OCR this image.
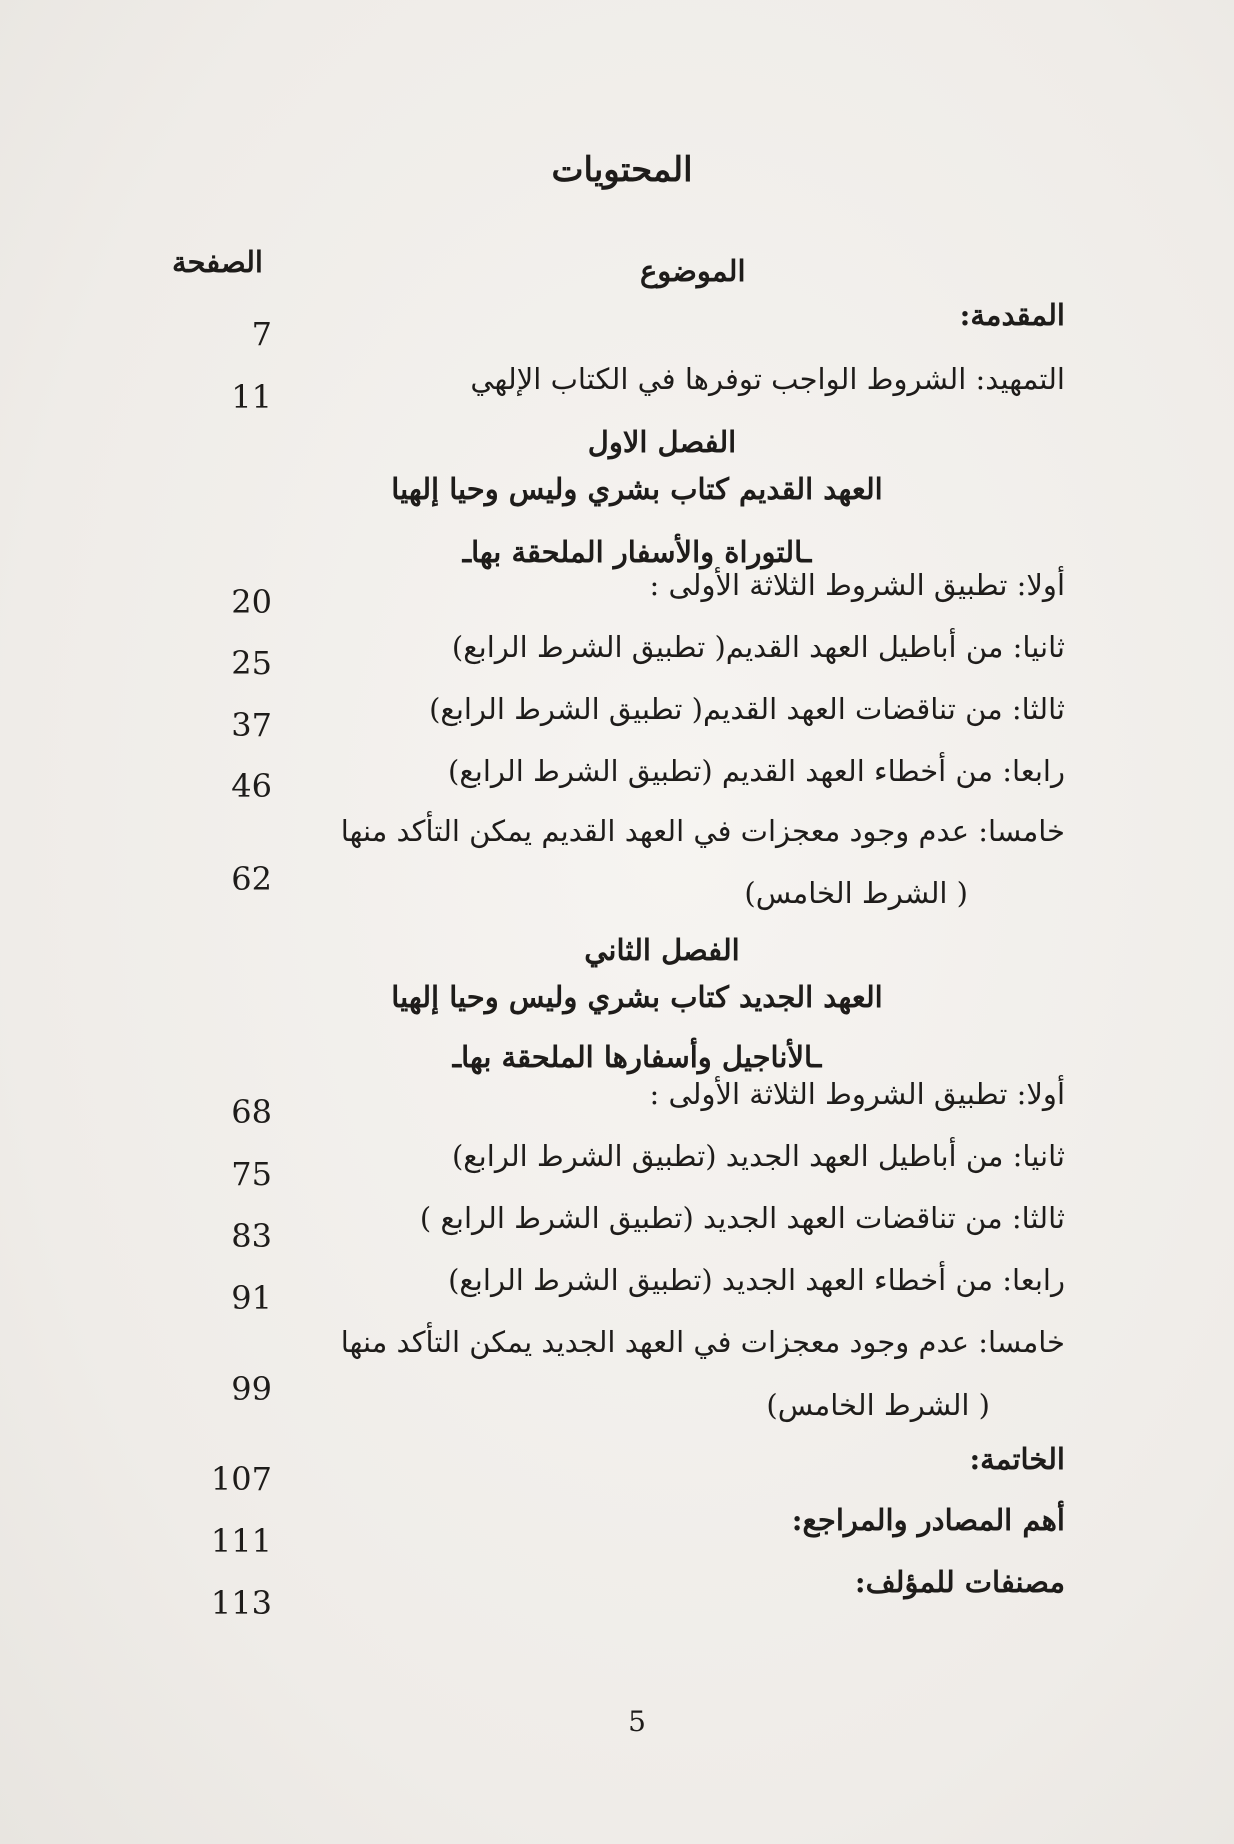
المحتويات
الصفحة	الموضوع
المقدمة:
7
التمهيد: الشروط الواجب توفرها في الكتاب الإلهي
11
الفصل الاول
العهد القديم كتاب بشري وليس وحيا إلهيا
ـالتوراة والأسفار الملحقة بهاـ
أولا: تطبيق الشروط الثلاثة الأولى :
20
ثانيا: من أباطيل العهد القديم( تطبيق الشرط الرابع)
25
ثالثا: من تناقضات العهد القديم( تطبيق الشرط الرابع)
37
رابعا: من أخطاء العهد القديم (تطبيق الشرط الرابع)
46
خامسا: عدم وجود معجزات في العهد القديم يمكن التأكد منها
( الشرط الخامس)
62
الفصل الثاني
العهد الجديد كتاب بشري وليس وحيا إلهيا
ـالأناجيل وأسفارها الملحقة بهاـ
أولا: تطبيق الشروط الثلاثة الأولى :
68
ثانيا: من أباطيل العهد الجديد (تطبيق الشرط الرابع)
75
ثالثا: من تناقضات العهد الجديد (تطبيق الشرط الرابع )
83
رابعا: من أخطاء العهد الجديد (تطبيق الشرط الرابع)
91
خامسا: عدم وجود معجزات في العهد الجديد يمكن التأكد منها
( الشرط الخامس)
99
الخاتمة:
107
أهم المصادر والمراجع:
111
مصنفات للمؤلف:
113
5
